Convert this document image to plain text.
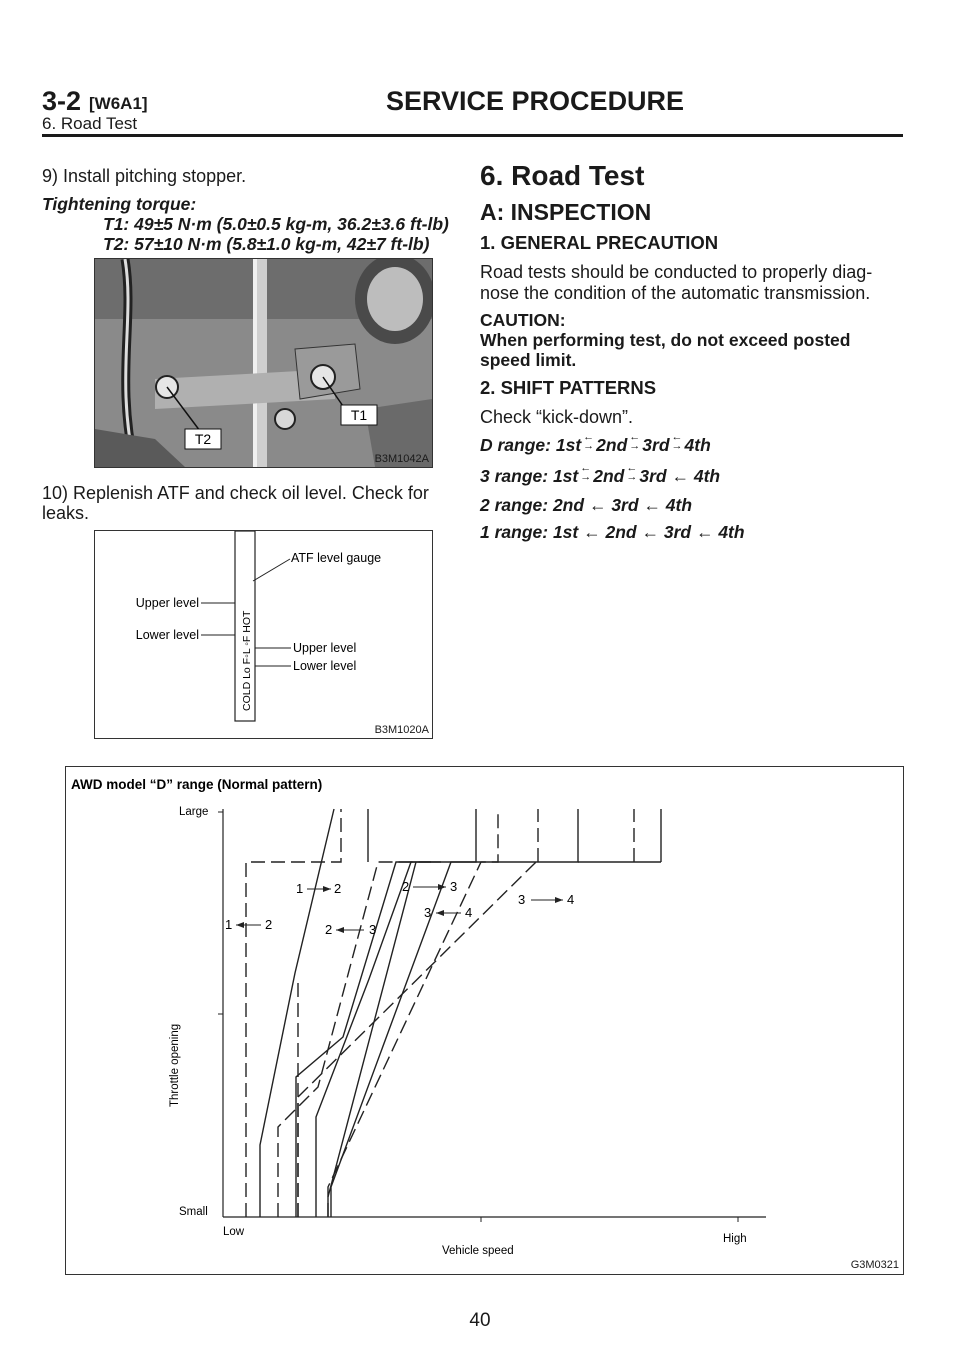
3-2 [W6A1]	SERVICE PROCEDURE
6. Road Test
9) Install pitching stopper.
Tightening torque:
T1: 49±5 N·m (5.0±0.5 kg-m, 36.2±3.6 ft-lb)
T2: 57±10 N·m (5.8±1.0 kg-m, 42±7 ft-lb)
T1
T2
B3M1042A
10) Replenish ATF and check oil level. Check for
leaks.
COLD Lo F◦L ◦F HOT
ATF level gauge
Upper level
Lower level
Upper level
Lower level
B3M1020A
6. Road Test
A: INSPECTION
1. GENERAL PRECAUTION
Road tests should be conducted to properly diag-
nose the condition of the automatic transmission.
CAUTION:
When performing test, do not exceed posted
speed limit.
2. SHIFT PATTERNS
Check “kick-down”.
D range: 1st ←
→ 2nd ←
→ 3rd ←
→ 4th
3 range: 1st ←
→ 2nd ←
→ 3rd ← 4th
2 range: 2nd ← 3rd ← 4th
1 range: 1st ← 2nd ← 3rd ← 4th
AWD model “D” range (Normal pattern)
Large
Small
Throttle opening
Low
High
Vehicle speed
1	2
1 2
2	3
2	3
3	4
3	4
G3M0321
40
